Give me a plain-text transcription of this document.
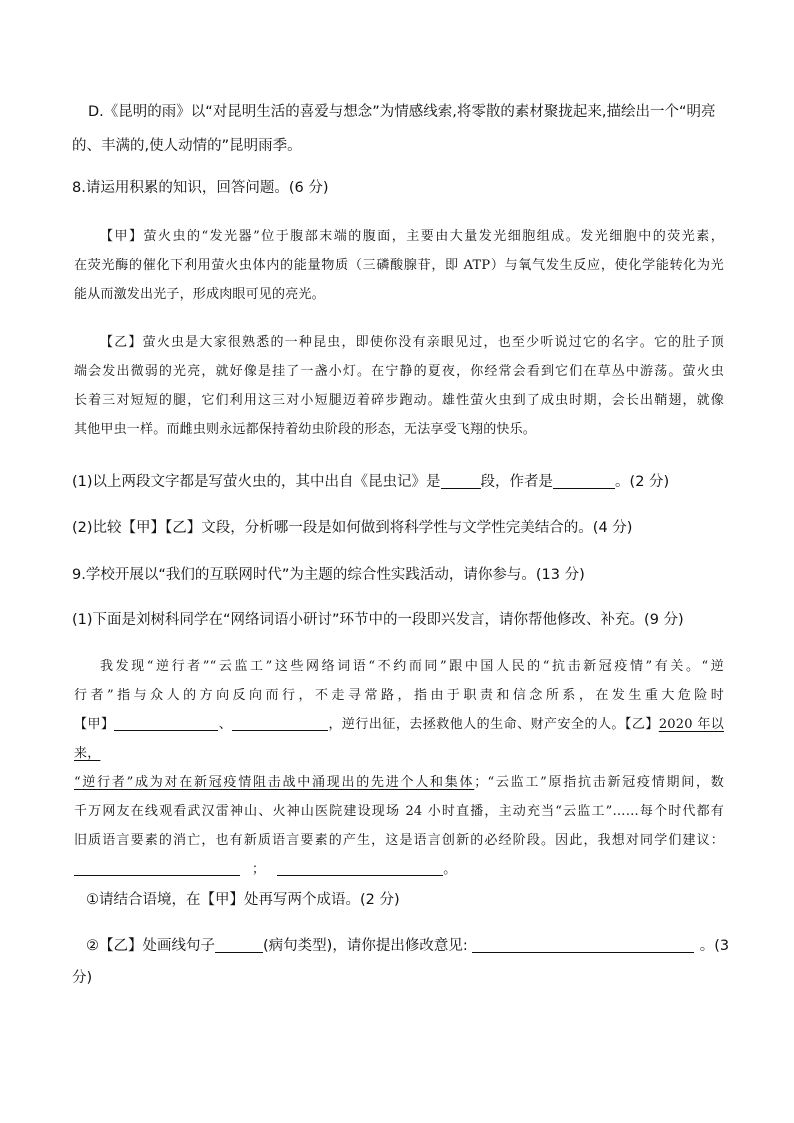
D.《昆明的雨》以“对昆明生活的喜爱与想念”为情感线索,将零散的素材聚拢起来,描绘出一个“明亮
的、丰满的,使人动情的”昆明雨季。
8.请运用积累的知识，回答问题。(6 分)
【甲】萤火虫的“发光器”位于腹部末端的腹面，主要由大量发光细胞组成。发光细胞中的荧光素，
在荧光酶的催化下利用萤火虫体内的能量物质（三磷酸腺苷，即 ATP）与氧气发生反应，使化学能转化为光
能从而激发出光子，形成肉眼可见的亮光。
【乙】萤火虫是大家很熟悉的一种昆虫，即使你没有亲眼见过，也至少听说过它的名字。它的肚子顶
端会发出微弱的光亮，就好像是挂了一盏小灯。在宁静的夏夜，你经常会看到它们在草丛中游荡。萤火虫
长着三对短短的腿，它们利用这三对小短腿迈着碎步跑动。雄性萤火虫到了成虫时期，会长出鞘翅，就像
其他甲虫一样。而雌虫则永远都保持着幼虫阶段的形态，无法享受飞翔的快乐。
(1)以上两段文字都是写萤火虫的，其中出自《昆虫记》是	段，作者是	。(2 分)
(2)比较【甲】【乙】文段，分析哪一段是如何做到将科学性与文学性完美结合的。(4 分)
9.学校开展以“我们的互联网时代”为主题的综合性实践活动，请你参与。(13 分)
(1)下面是刘树科同学在“网络词语小研讨”环节中的一段即兴发言，请你帮他修改、补充。(9 分)
我发现“逆行者”“云监工”这些网络词语“不约而同”跟中国人民的“抗击新冠疫情”有关。“逆
行者”指与众人的方向反向而行，不走寻常路，指由于职责和信念所系，在发生重大危险时
【甲】	、	，逆行出征，去拯救他人的生命、财产安全的人。【乙】2020 年以来，
“逆行者”成为对在新冠疫情阻击战中涌现出的先进个人和集体；“云监工”原指抗击新冠疫情期间，数
千万网友在线观看武汉雷神山、火神山医院建设现场 24 小时直播，主动充当“云监工”……每个时代都有
旧质语言要素的消亡，也有新质语言要素的产生，这是语言创新的必经阶段。因此，我想对同学们建议：
；	。
①请结合语境，在【甲】处再写两个成语。(2 分)
②【乙】处画线句子	(病句类型)，请你提出修改意见:	。(3
分)
